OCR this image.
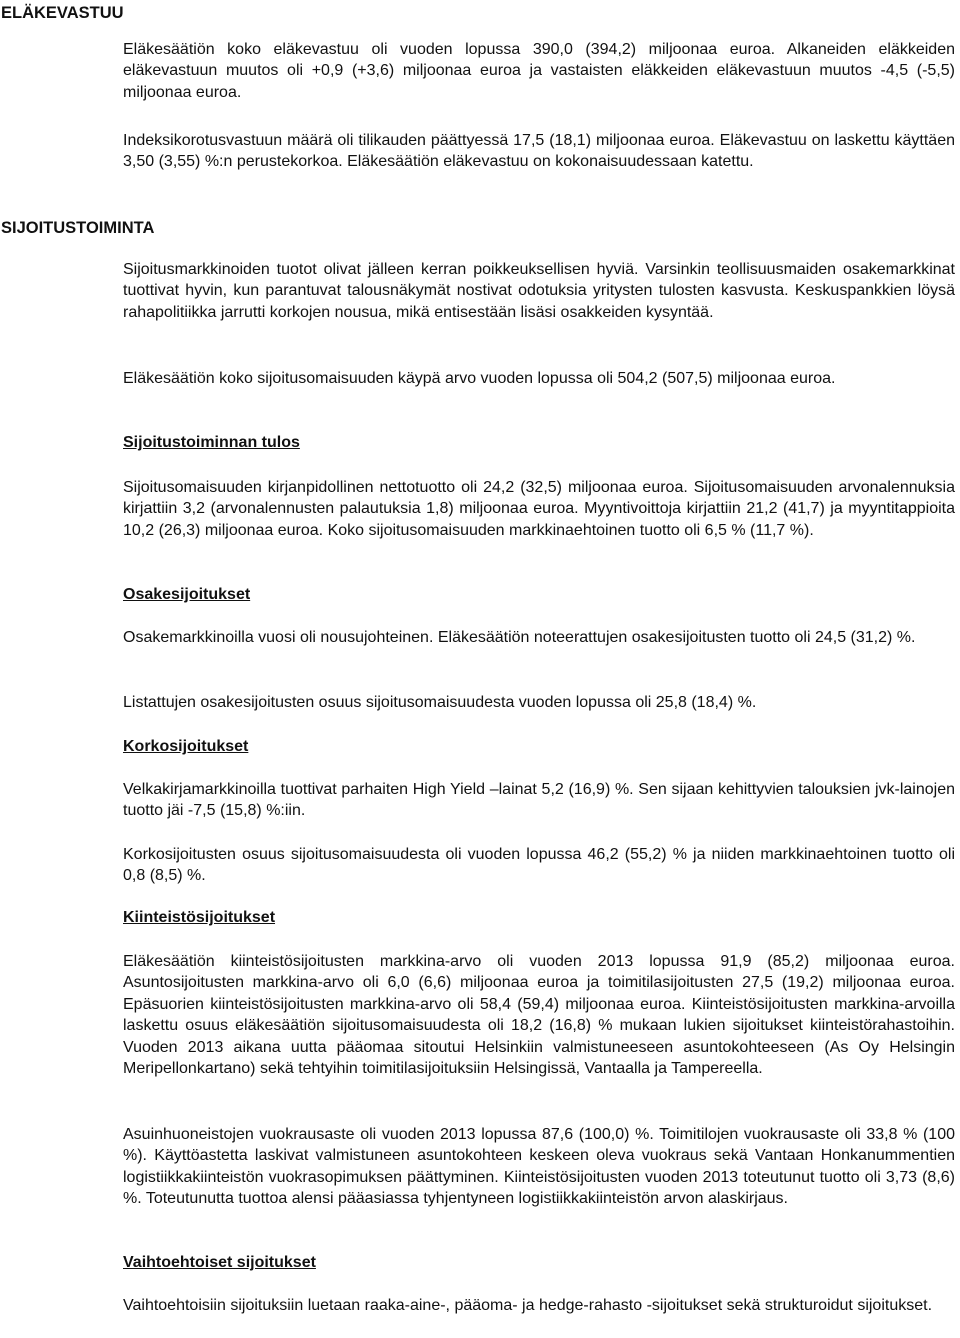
ELÄKEVASTUU
SIJOITUSTOIMINTA

Eläkesäätiön koko eläkevastuu oli vuoden lopussa 390,0 (394,2) miljoonaa euroa. Alkaneiden eläkkeiden eläkevastuun muutos oli +0,9 (+3,6) miljoonaa euroa ja vastaisten eläkkeiden eläkevastuun muutos -4,5 (-5,5) miljoonaa euroa.

Indeksikorotusvastuun määrä oli tilikauden päättyessä 17,5 (18,1) miljoonaa euroa. Eläkevastuu on laskettu käyttäen 3,50 (3,55) %:n perustekorkoa. Eläkesäätiön eläkevastuu on kokonaisuudessaan katettu.

Sijoitusmarkkinoiden tuotot olivat jälleen kerran poikkeuksellisen hyviä. Varsinkin teollisuusmaiden osakemarkkinat tuottivat hyvin, kun parantuvat talousnäkymät nostivat odotuksia yritysten tulosten kasvusta. Keskuspankkien löysä rahapolitiikka jarrutti korkojen nousua, mikä entisestään lisäsi osakkeiden kysyntää.

Eläkesäätiön koko sijoitusomaisuuden käypä arvo vuoden lopussa oli 504,2 (507,5) miljoonaa euroa.

Sijoitustoiminnan tulos

Sijoitusomaisuuden kirjanpidollinen nettotuotto oli 24,2 (32,5) miljoonaa euroa. Sijoitusomaisuuden arvonalennuksia kirjattiin 3,2 (arvonalennusten palautuksia 1,8) miljoonaa euroa. Myyntivoittoja kirjattiin 21,2 (41,7) ja myyntitappioita 10,2 (26,3) miljoonaa euroa. Koko sijoitusomaisuuden markkinaehtoinen tuotto oli 6,5 % (11,7 %).

Osakesijoitukset

Osakemarkkinoilla vuosi oli nousujohteinen. Eläkesäätiön noteerattujen osakesijoitusten tuotto oli 24,5 (31,2) %.

Listattujen osakesijoitusten osuus sijoitusomaisuudesta vuoden lopussa oli 25,8 (18,4) %.

Korkosijoitukset

Velkakirjamarkkinoilla tuottivat parhaiten High Yield –lainat 5,2 (16,9) %. Sen sijaan kehittyvien talouksien jvk-lainojen tuotto jäi -7,5 (15,8) %:iin.

Korkosijoitusten osuus sijoitusomaisuudesta oli vuoden lopussa 46,2 (55,2) % ja niiden markkinaehtoinen tuotto oli 0,8 (8,5) %.

Kiinteistösijoitukset

Eläkesäätiön kiinteistösijoitusten markkina-arvo oli vuoden 2013 lopussa 91,9 (85,2) miljoonaa euroa. Asuntosijoitusten markkina-arvo oli 6,0 (6,6) miljoonaa euroa ja toimitilasijoitusten 27,5 (19,2) miljoonaa euroa. Epäsuorien kiinteistösijoitusten markkina-arvo oli 58,4 (59,4) miljoonaa euroa. Kiinteistösijoitusten markkina-arvoilla laskettu osuus eläkesäätiön sijoitusomaisuudesta oli 18,2 (16,8) % mukaan lukien sijoitukset kiinteistörahastoihin. Vuoden 2013 aikana uutta pääomaa sitoutui Helsinkiin valmistuneeseen asuntokohteeseen (As Oy Helsingin Meripellonkartano) sekä tehtyihin toimitilasijoituksiin Helsingissä, Vantaalla ja Tampereella.

Asuinhuoneistojen vuokrausaste oli vuoden 2013 lopussa 87,6 (100,0) %. Toimitilojen vuokrausaste oli 33,8 % (100 %). Käyttöastetta laskivat valmistuneen asuntokohteen keskeen oleva vuokraus sekä Vantaan Honkanummentien logistiikkakiinteistön vuokrasopimuksen päättyminen. Kiinteistösijoitusten vuoden 2013 toteutunut tuotto oli 3,73 (8,6) %. Toteutunutta tuottoa alensi pääasiassa tyhjentyneen logistiikkakiinteistön arvon alaskirjaus.

Vaihtoehtoiset sijoitukset

Vaihtoehtoisiin sijoituksiin luetaan raaka-aine-, pääoma- ja hedge-rahasto -sijoitukset sekä strukturoidut sijoitukset.
